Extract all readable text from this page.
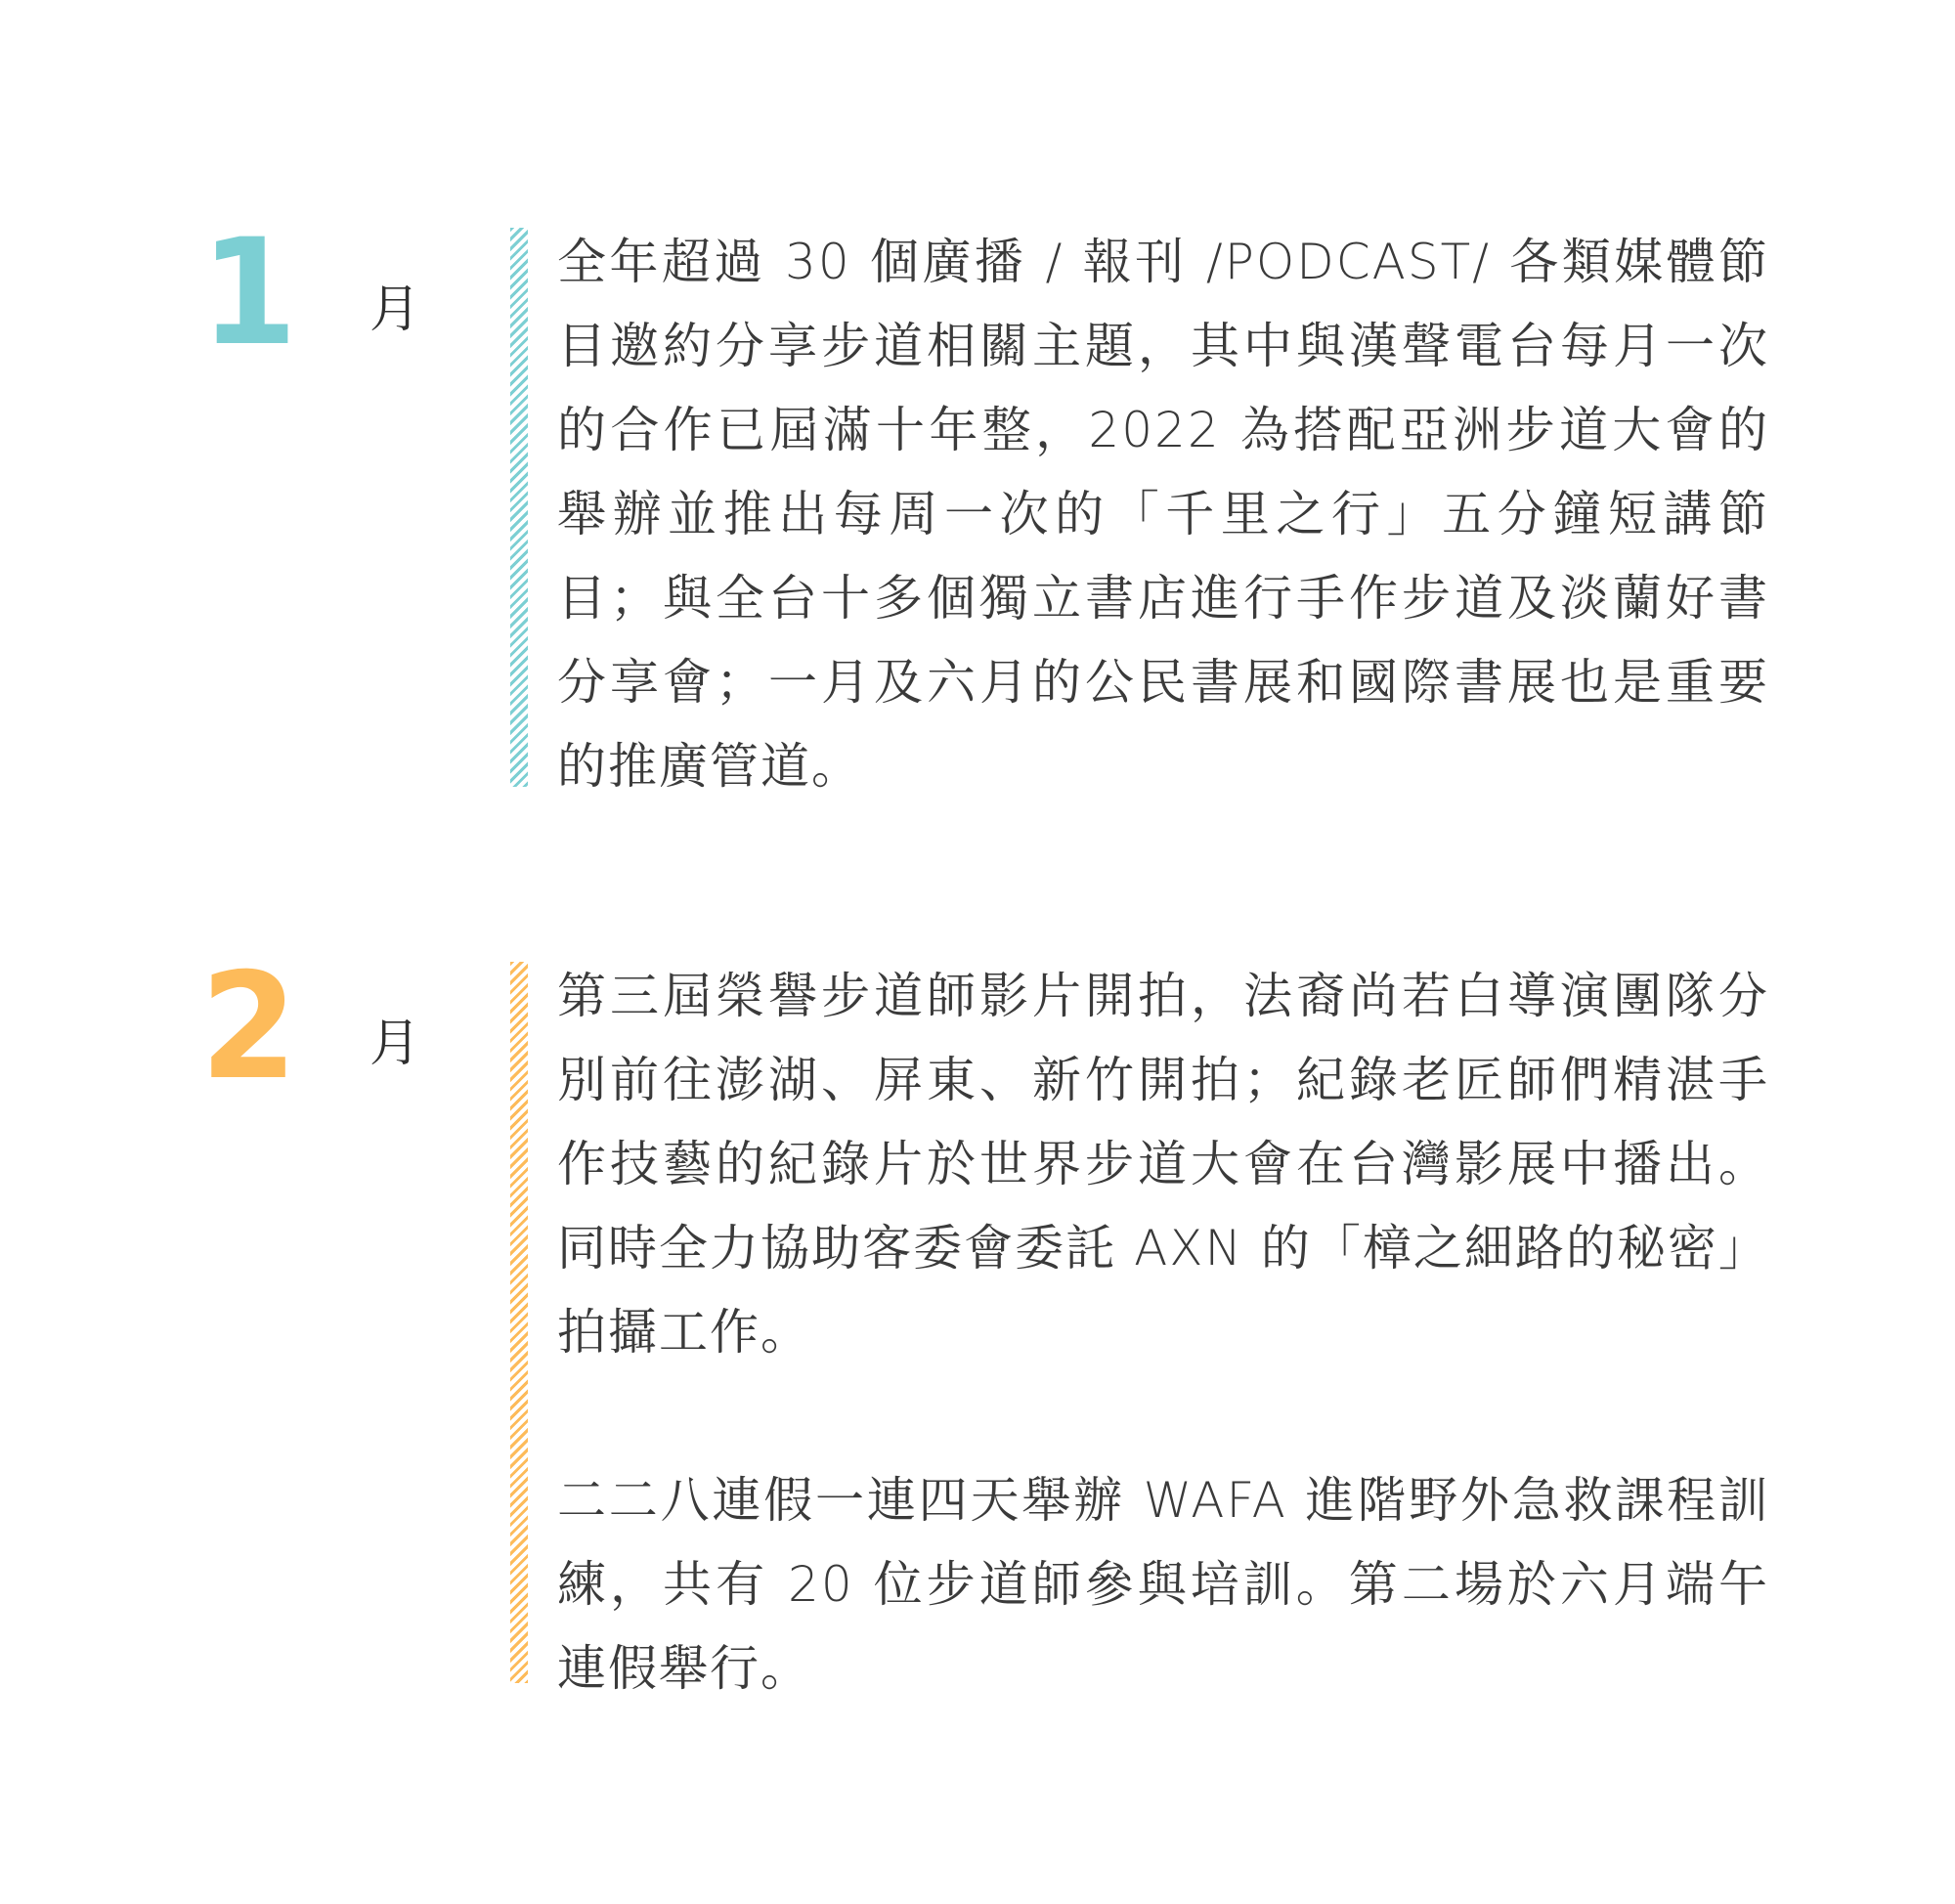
1 月

全年超過 30 個廣播 / 報刊 /PODCAST/ 各類媒體節目邀約分享步道相關主題，其中與漢聲電台每月一次的合作已屆滿十年整，2022 為搭配亞洲步道大會的舉辦並推出每周一次的「千里之行」五分鐘短講節目；與全台十多個獨立書店進行手作步道及淡蘭好書分享會；一月及六月的公民書展和國際書展也是重要的推廣管道。

2 月

第三屆榮譽步道師影片開拍，法裔尚若白導演團隊分別前往澎湖、屏東、新竹開拍；紀錄老匠師們精湛手作技藝的紀錄片於世界步道大會在台灣影展中播出。同時全力協助客委會委託 AXN 的「樟之細路的秘密」拍攝工作。

二二八連假一連四天舉辦 WAFA 進階野外急救課程訓練，共有 20 位步道師參與培訓。第二場於六月端午連假舉行。
